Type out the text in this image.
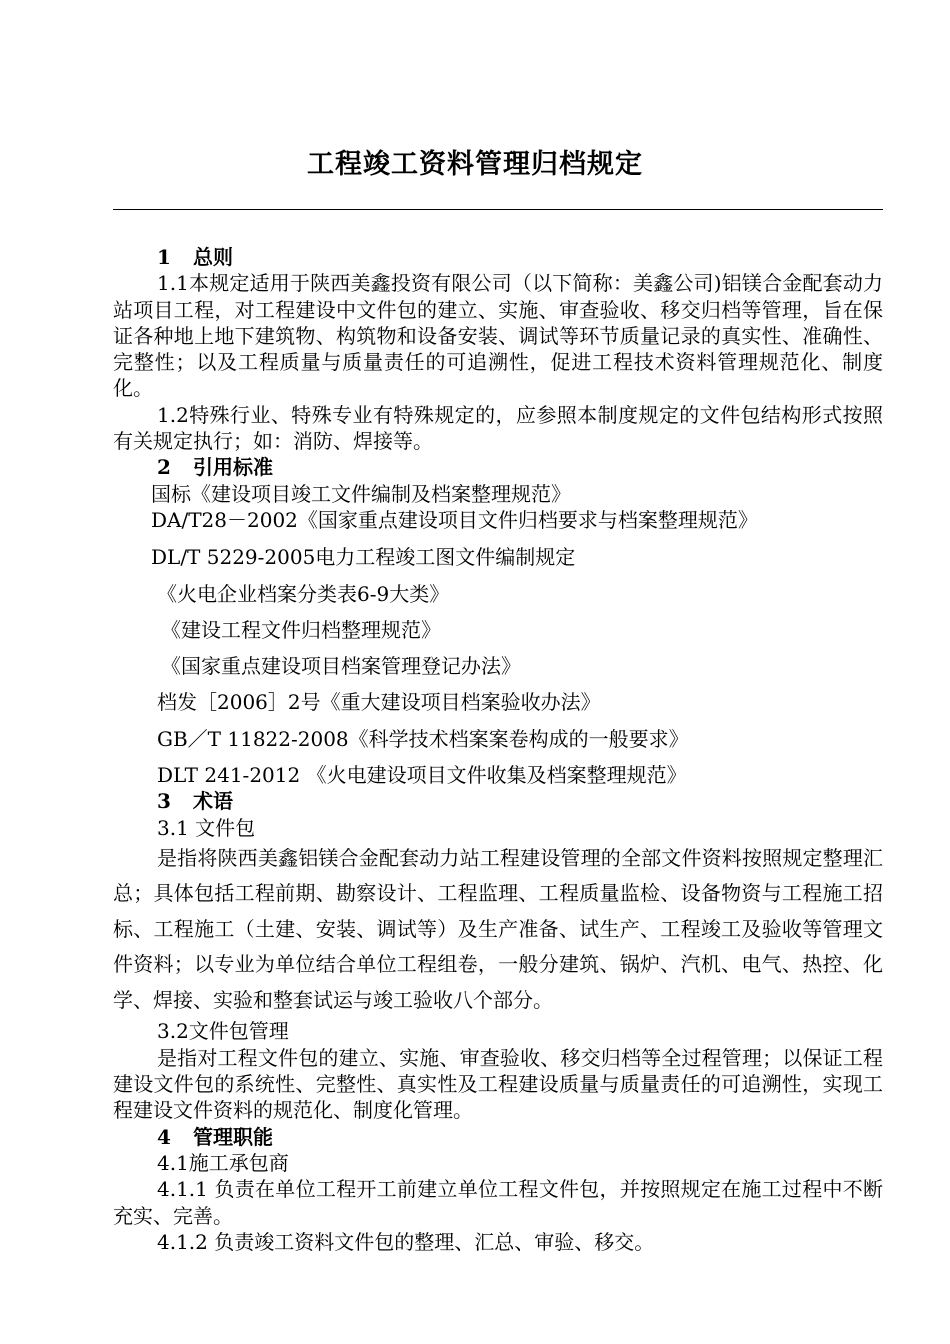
工程竣工资料管理归档规定

1 总则

1.1本规定适用于陕西美鑫投资有限公司（以下简称：美鑫公司)铝镁合金配套动力站项目工程，对工程建设中文件包的建立、实施、审查验收、移交归档等管理，旨在保证各种地上地下建筑物、构筑物和设备安装、调试等环节质量记录的真实性、准确性、完整性；以及工程质量与质量责任的可追溯性，促进工程技术资料管理规范化、制度化。

1.2特殊行业、特殊专业有特殊规定的，应参照本制度规定的文件包结构形式按照有关规定执行；如：消防、焊接等。

2 引用标准

国标《建设项目竣工文件编制及档案整理规范》

DA/T28－2002《国家重点建设项目文件归档要求与档案整理规范》

DL/T 5229-2005电力工程竣工图文件编制规定

《火电企业档案分类表6-9大类》

《建设工程文件归档整理规范》

《国家重点建设项目档案管理登记办法》

档发［2006］2号《重大建设项目档案验收办法》

GB／T 11822-2008《科学技术档案案卷构成的一般要求》

DLT 241-2012 《火电建设项目文件收集及档案整理规范》

3 术语

3.1 文件包

是指将陕西美鑫铝镁合金配套动力站工程建设管理的全部文件资料按照规定整理汇总；具体包括工程前期、勘察设计、工程监理、工程质量监检、设备物资与工程施工招标、工程施工（土建、安装、调试等）及生产准备、试生产、工程竣工及验收等管理文件资料；以专业为单位结合单位工程组卷，一般分建筑、锅炉、汽机、电气、热控、化学、焊接、实验和整套试运与竣工验收八个部分。

3.2文件包管理

是指对工程文件包的建立、实施、审查验收、移交归档等全过程管理；以保证工程建设文件包的系统性、完整性、真实性及工程建设质量与质量责任的可追溯性，实现工程建设文件资料的规范化、制度化管理。

4 管理职能

4.1施工承包商

4.1.1 负责在单位工程开工前建立单位工程文件包，并按照规定在施工过程中不断充实、完善。

4.1.2 负责竣工资料文件包的整理、汇总、审验、移交。
